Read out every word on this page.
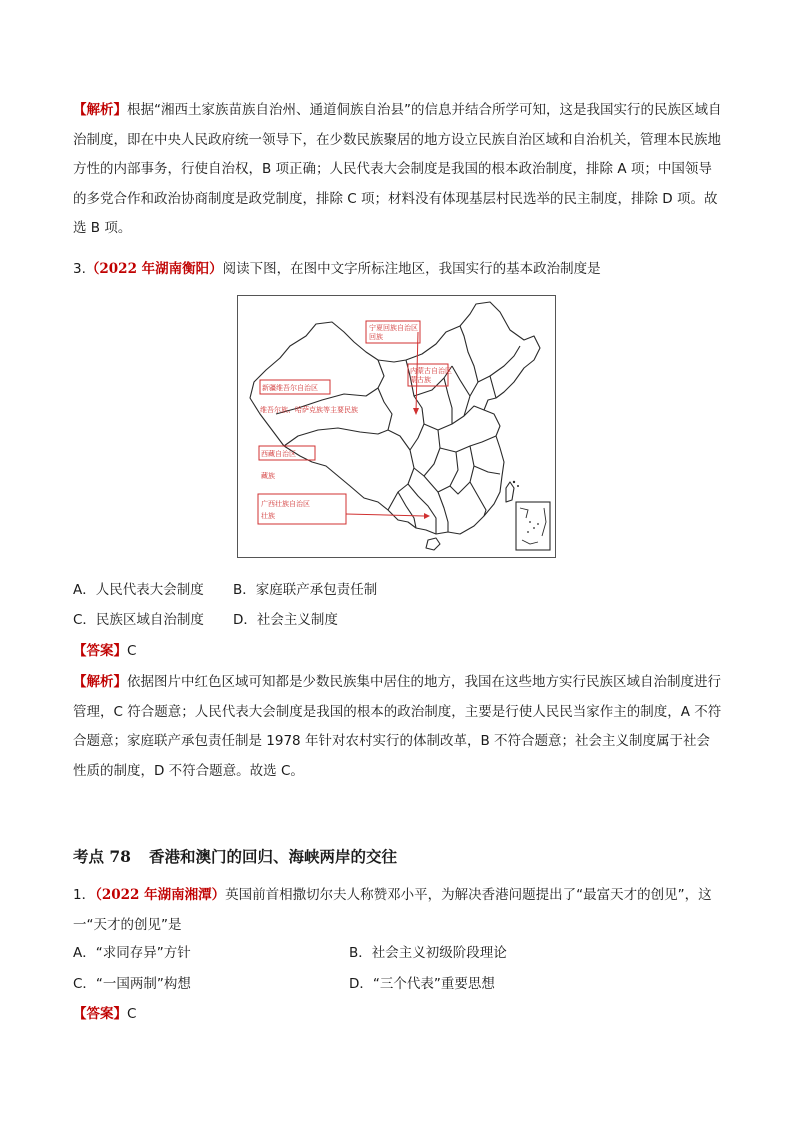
【解析】根据“湘西土家族苗族自治州、通道侗族自治县”的信息并结合所学可知，这是我国实行的民族区域自治制度，即在中央人民政府统一领导下，在少数民族聚居的地方设立民族自治区域和自治机关，管理本民族地方性的内部事务，行使自治权，B 项正确；人民代表大会制度是我国的根本政治制度，排除 A 项；中国领导的多党合作和政治协商制度是政党制度，排除 C 项；材料没有体现基层村民选举的民主制度，排除 D 项。故选 B 项。

3.（2022 年湖南衡阳）阅读下图，在图中文字所标注地区，我国实行的基本政治制度是
宁夏回族自治区
回族
内蒙古自治区
蒙古族
新疆维吾尔自治区
维吾尔族、哈萨克族等主要民族
西藏自治区
藏族
广西壮族自治区
壮族
A．人民代表大会制度 B．家庭联产承包责任制
C．民族区域自治制度 D．社会主义制度
【答案】C

【解析】依据图片中红色区域可知都是少数民族集中居住的地方，我国在这些地方实行民族区域自治制度进行管理，C 符合题意；人民代表大会制度是我国的根本的政治制度，主要是行使人民民当家作主的制度，A 不符合题意；家庭联产承包责任制是 1978 年针对农村实行的体制改革，B 不符合题意；社会主义制度属于社会性质的制度，D 不符合题意。故选 C。

考点 78 香港和澳门的回归、海峡两岸的交往

1．（2022 年湖南湘潭）英国前首相撒切尔夫人称赞邓小平，为解决香港问题提出了“最富天才的创见”，这一“天才的创见”是

A．“求同存异”方针	B．社会主义初级阶段理论
C．“一国两制”构想	D．“三个代表”重要思想
【答案】C
